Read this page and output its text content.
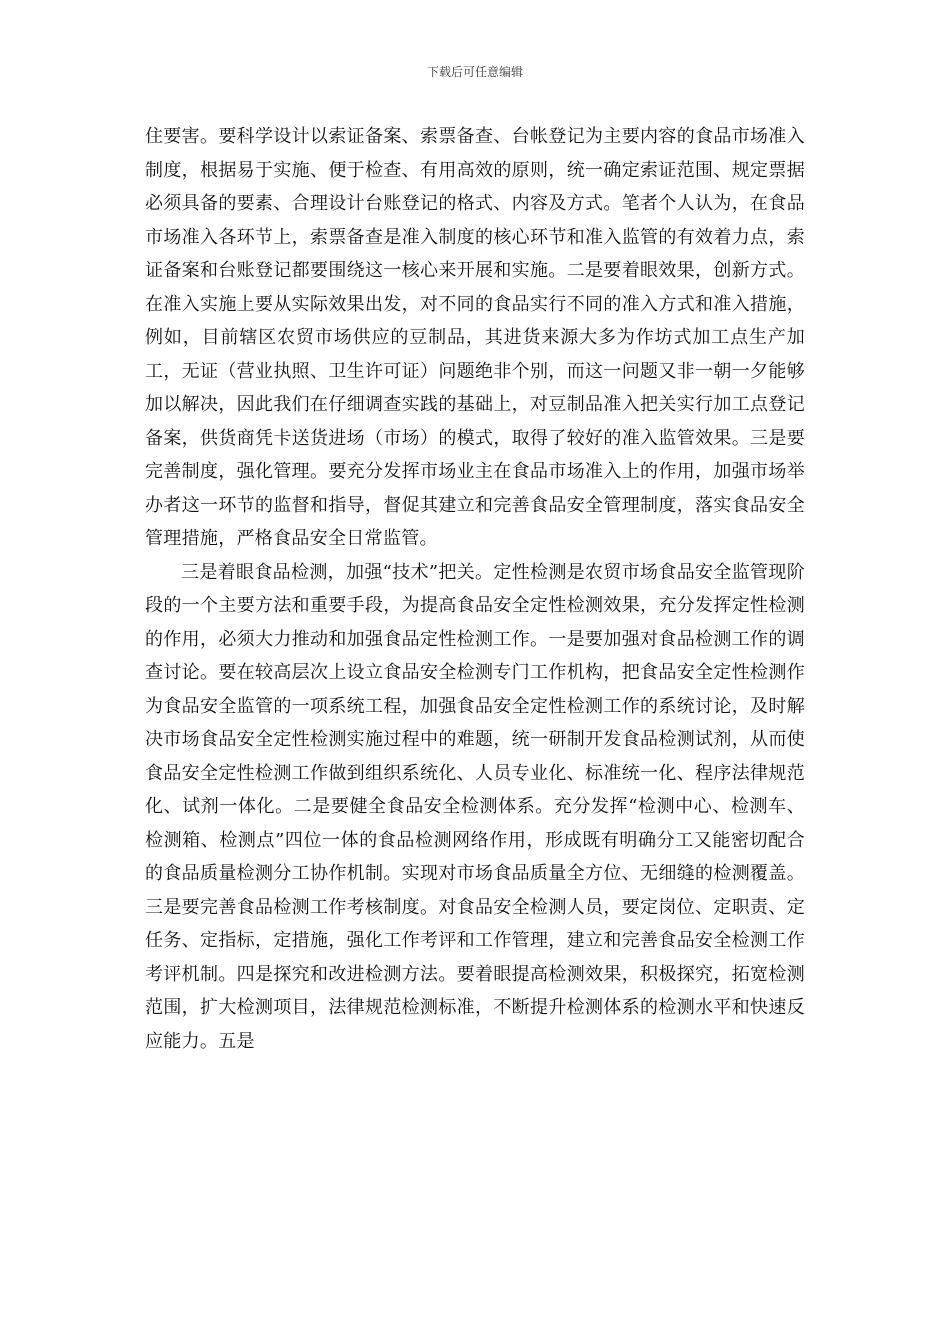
下载后可任意编辑

住要害。要科学设计以索证备案、索票备查、台帐登记为主要内容的食品市场准入制度，根据易于实施、便于检查、有用高效的原则，统一确定索证范围、规定票据必须具备的要素、合理设计台账登记的格式、内容及方式。笔者个人认为，在食品市场准入各环节上，索票备查是准入制度的核心环节和准入监管的有效着力点，索证备案和台账登记都要围绕这一核心来开展和实施。二是要着眼效果，创新方式。在准入实施上要从实际效果出发，对不同的食品实行不同的准入方式和准入措施，例如，目前辖区农贸市场供应的豆制品，其进货来源大多为作坊式加工点生产加工，无证（营业执照、卫生许可证）问题绝非个别，而这一问题又非一朝一夕能够加以解决，因此我们在仔细调查实践的基础上，对豆制品准入把关实行加工点登记备案，供货商凭卡送货进场（市场）的模式，取得了较好的准入监管效果。三是要完善制度，强化管理。要充分发挥市场业主在食品市场准入上的作用，加强市场举办者这一环节的监督和指导，督促其建立和完善食品安全管理制度，落实食品安全管理措施，严格食品安全日常监管。

三是着眼食品检测，加强“技术”把关。定性检测是农贸市场食品安全监管现阶段的一个主要方法和重要手段，为提高食品安全定性检测效果，充分发挥定性检测的作用，必须大力推动和加强食品定性检测工作。一是要加强对食品检测工作的调查讨论。要在较高层次上设立食品安全检测专门工作机构，把食品安全定性检测作为食品安全监管的一项系统工程，加强食品安全定性检测工作的系统讨论，及时解决市场食品安全定性检测实施过程中的难题，统一研制开发食品检测试剂，从而使食品安全定性检测工作做到组织系统化、人员专业化、标准统一化、程序法律规范化、试剂一体化。二是要健全食品安全检测体系。充分发挥“检测中心、检测车、检测箱、检测点”四位一体的食品检测网络作用，形成既有明确分工又能密切配合的食品质量检测分工协作机制。实现对市场食品质量全方位、无细缝的检测覆盖。三是要完善食品检测工作考核制度。对食品安全检测人员，要定岗位、定职责、定任务、定指标，定措施，强化工作考评和工作管理，建立和完善食品安全检测工作考评机制。四是探究和改进检测方法。要着眼提高检测效果，积极探究，拓宽检测范围，扩大检测项目，法律规范检测标准，不断提升检测体系的检测水平和快速反应能力。五是
